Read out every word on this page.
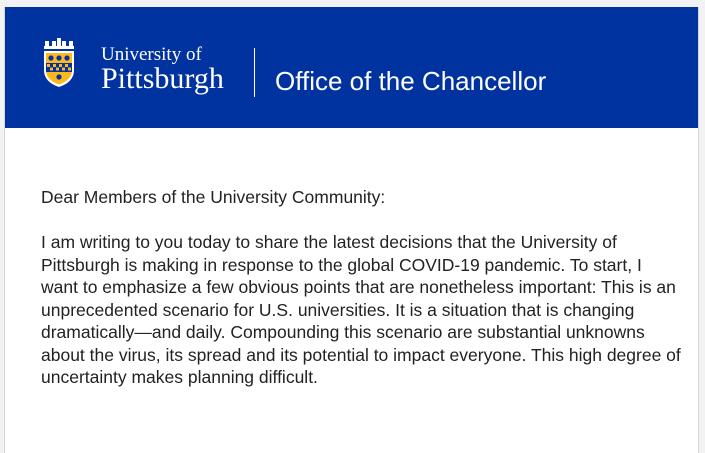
University of
Pittsburgh Office of the Chancellor
Dear Members of the University Community:
I am writing to you today to share the latest decisions that the University of Pittsburgh is making in response to the global COVID-19 pandemic. To start, I want to emphasize a few obvious points that are nonetheless important: This is an unprecedented scenario for U.S. universities. It is a situation that is changing dramatically—and daily. Compounding this scenario are substantial unknowns about the virus, its spread and its potential to impact everyone. This high degree of uncertainty makes planning difficult.
